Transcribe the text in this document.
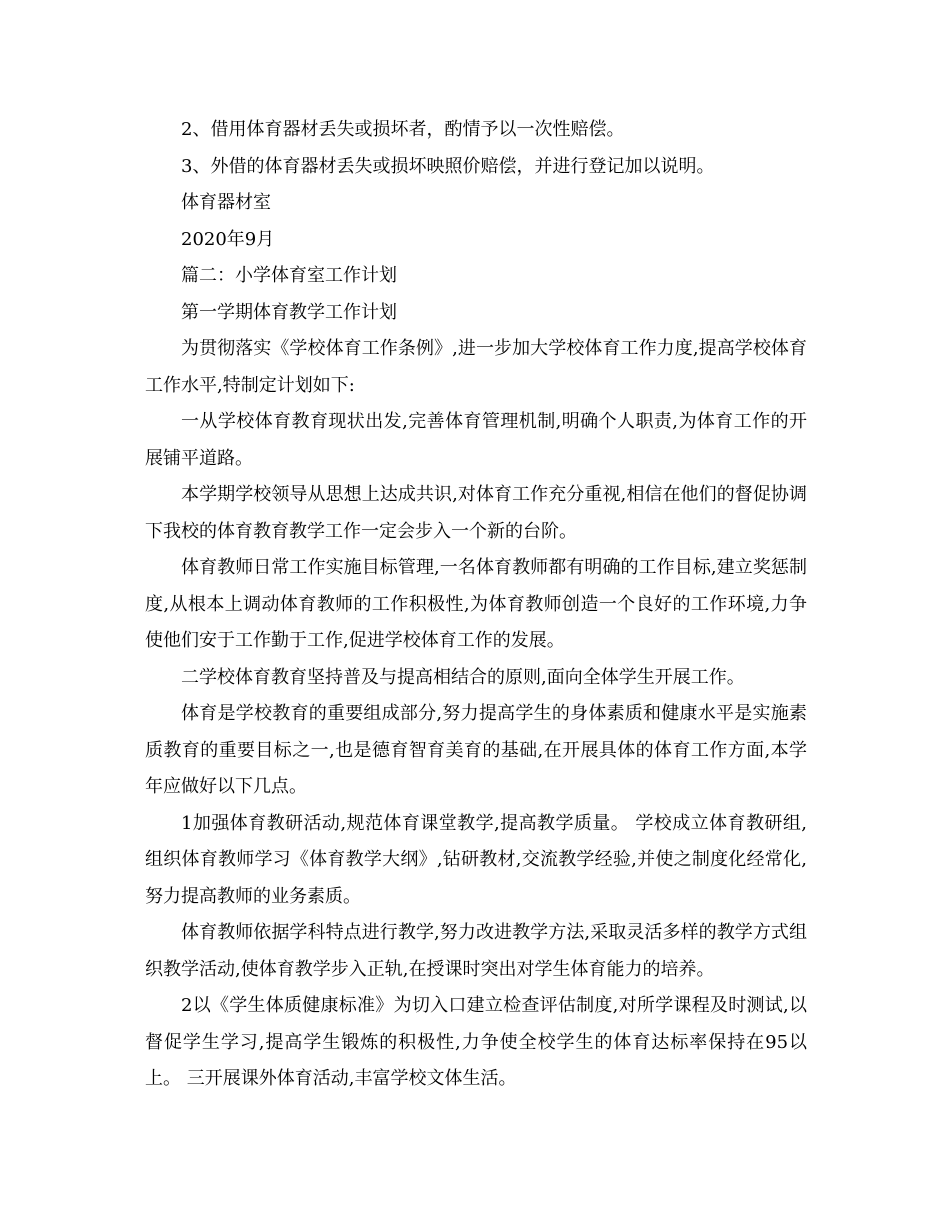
2、借用体育器材丢失或损坏者，酌情予以一次性赔偿。

3、外借的体育器材丢失或损坏映照价赔偿，并进行登记加以说明。

体育器材室

2020年9月

篇二：小学体育室工作计划

第一学期体育教学工作计划

为贯彻落实《学校体育工作条例》,进一步加大学校体育工作力度,提高学校体育工作水平,特制定计划如下:

一从学校体育教育现状出发,完善体育管理机制,明确个人职责,为体育工作的开展铺平道路。

本学期学校领导从思想上达成共识,对体育工作充分重视,相信在他们的督促协调下我校的体育教育教学工作一定会步入一个新的台阶。

体育教师日常工作实施目标管理,一名体育教师都有明确的工作目标,建立奖惩制度,从根本上调动体育教师的工作积极性,为体育教师创造一个良好的工作环境,力争使他们安于工作勤于工作,促进学校体育工作的发展。

二学校体育教育坚持普及与提高相结合的原则,面向全体学生开展工作。

体育是学校教育的重要组成部分,努力提高学生的身体素质和健康水平是实施素质教育的重要目标之一,也是德育智育美育的基础,在开展具体的体育工作方面,本学年应做好以下几点。

1加强体育教研活动,规范体育课堂教学,提高教学质量。 学校成立体育教研组,组织体育教师学习《体育教学大纲》,钻研教材,交流教学经验,并使之制度化经常化,努力提高教师的业务素质。

体育教师依据学科特点进行教学,努力改进教学方法,采取灵活多样的教学方式组织教学活动,使体育教学步入正轨,在授课时突出对学生体育能力的培养。

2以《学生体质健康标准》为切入口建立检查评估制度,对所学课程及时测试,以督促学生学习,提高学生锻炼的积极性,力争使全校学生的体育达标率保持在95以上。 三开展课外体育活动,丰富学校文体生活。
